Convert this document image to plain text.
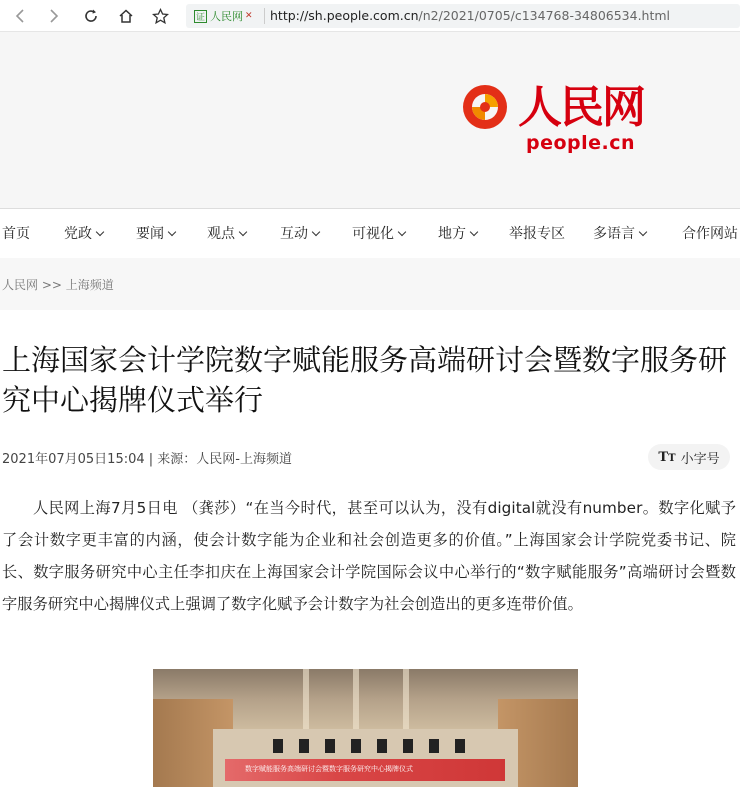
证 人民网 ✕ http://sh.people.com.cn/n2/2021/0705/c134768-34806534.html
人民网
people.cn
首页 党政	要闻	观点	互动	可视化	地方	举报专区 多语言	合作网站
人民网 >> 上海频道
上海国家会计学院数字赋能服务高端研讨会暨数字服务研究中心揭牌仪式举行
2021年07月05日15:04 | 来源：人民网-上海频道	TT 小字号

人民网上海7月5日电 （龚莎）“在当今时代，甚至可以认为，没有digital就没有number。数字化赋予了会计数字更丰富的内涵，使会计数字能为企业和社会创造更多的价值。”上海国家会计学院党委书记、院长、数字服务研究中心主任李扣庆在上海国家会计学院国际会议中心举行的“数字赋能服务”高端研讨会暨数字服务研究中心揭牌仪式上强调了数字化赋予会计数字为社会创造出的更多连带价值。

数字赋能服务高端研讨会暨数字服务研究中心揭牌仪式
